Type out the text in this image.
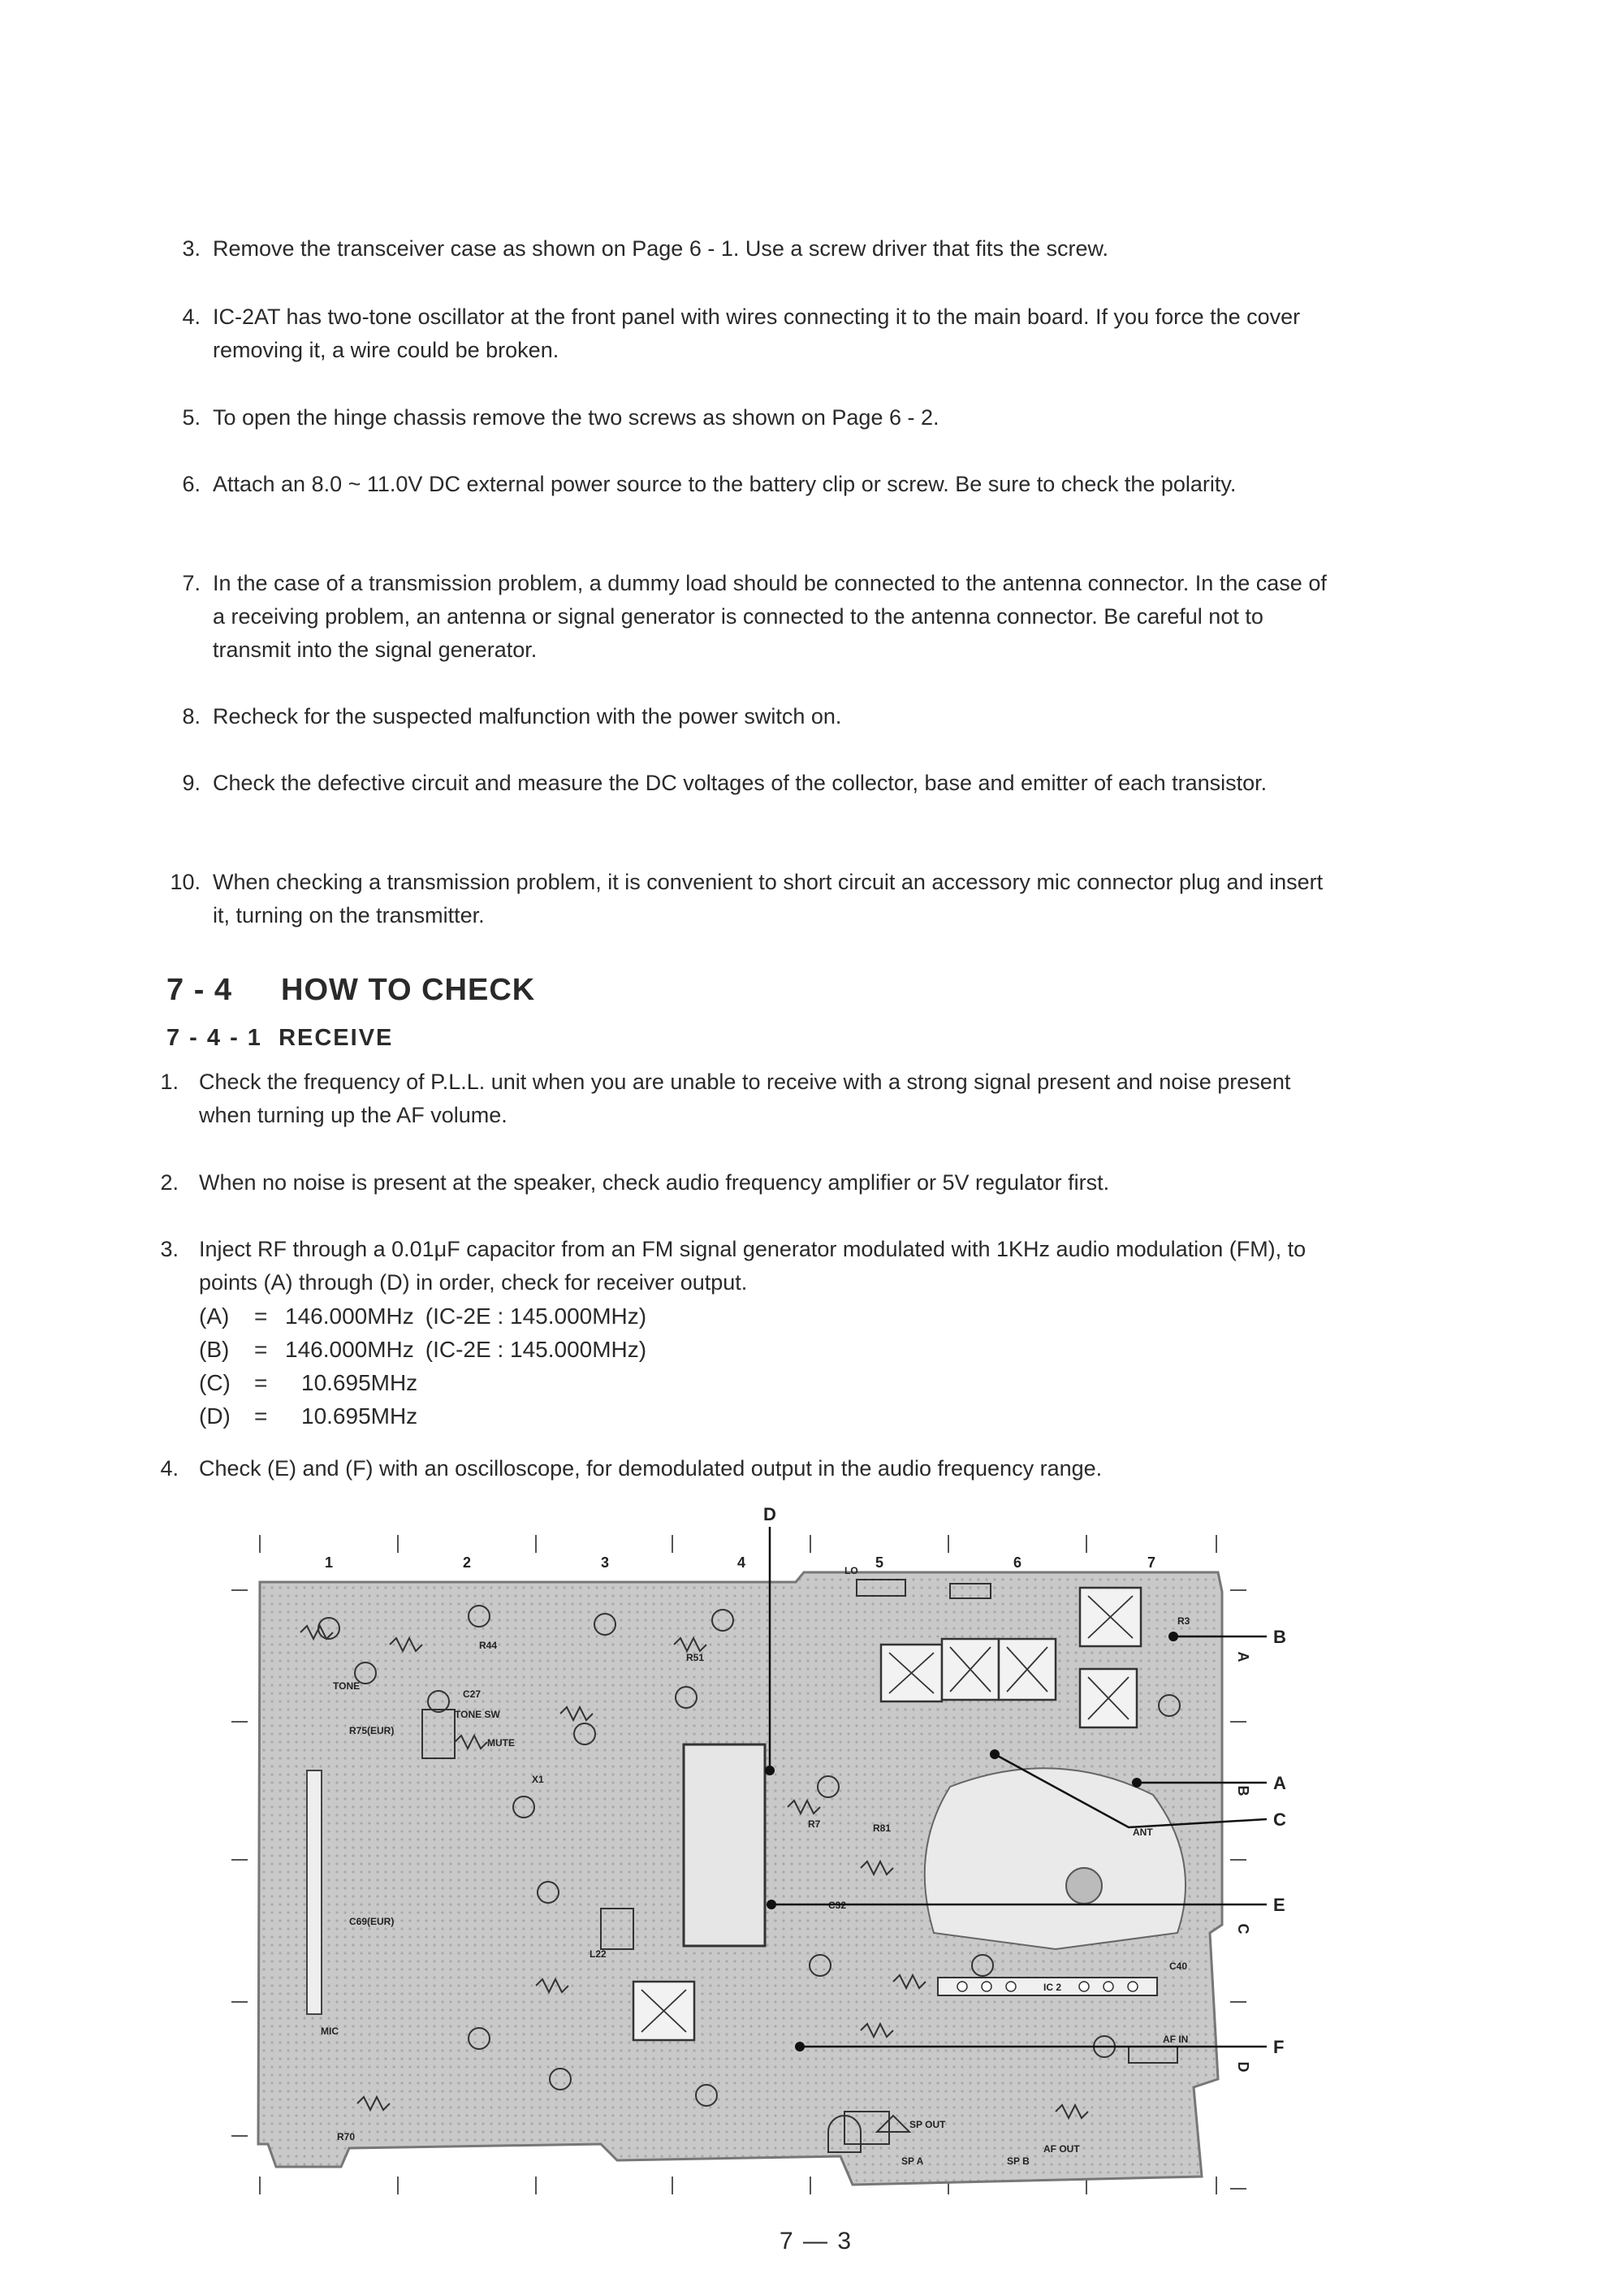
3. Remove the transceiver case as shown on Page 6 - 1. Use a screw driver that fits the screw.
4. IC-2AT has two-tone oscillator at the front panel with wires connecting it to the main board. If you force the cover removing it, a wire could be broken.
5. To open the hinge chassis remove the two screws as shown on Page 6 - 2.
6. Attach an 8.0 ~ 11.0V DC external power source to the battery clip or screw. Be sure to check the polarity.
7. In the case of a transmission problem, a dummy load should be connected to the antenna connector. In the case of a receiving problem, an antenna or signal generator is connected to the antenna connector. Be careful not to transmit into the signal generator.
8. Recheck for the suspected malfunction with the power switch on.
9. Check the defective circuit and measure the DC voltages of the collector, base and emitter of each transistor.
10. When checking a transmission problem, it is convenient to short circuit an accessory mic connector plug and insert it, turning on the transmitter.
7 - 4 HOW TO CHECK
7 - 4 - 1 RECEIVE
1. Check the frequency of P.L.L. unit when you are unable to receive with a strong signal present and noise present when turning up the AF volume.
2. When no noise is present at the speaker, check audio frequency amplifier or 5V regulator first.
3. Inject RF through a 0.01μF capacitor from an FM signal generator modulated with 1KHz audio modulation (FM), to points (A) through (D) in order, check for receiver output.
(A) = 146.000MHz (IC-2E : 145.000MHz)
(B) = 146.000MHz (IC-2E : 145.000MHz)
(C) = 10.695MHz
(D) = 10.695MHz
4. Check (E) and (F) with an oscilloscope, for demodulated output in the audio frequency range.
1	2	3	4	5	6	7
A
B
C
D
TONE
MUTE
TONE SW
ANT
LO
MIC
AF IN
SP A	SP B
AF OUT
SP OUT
IC 2
X1
L22
R75(EUR)
C69(EUR)
C27
C32
C40
R3
R44
R51
R7	R81
R70
A
B
C
D
E
F
7 — 3
